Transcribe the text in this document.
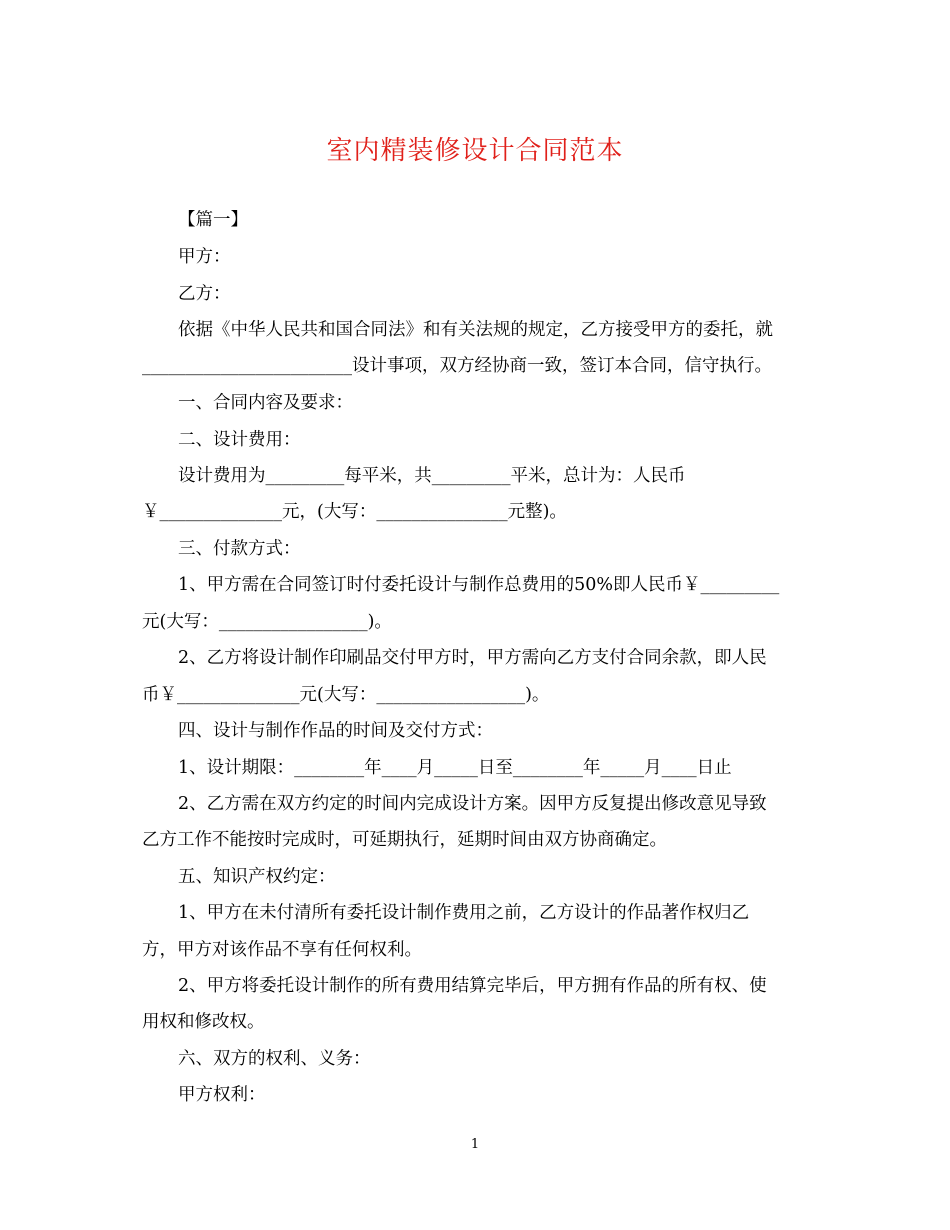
室内精装修设计合同范本
【篇一】
甲方：
乙方：
依据《中华人民共和国合同法》和有关法规的规定，乙方接受甲方的委托，就
________________________设计事项，双方经协商一致，签订本合同，信守执行。
一、合同内容及要求：
二、设计费用：
设计费用为_________每平米，共_________平米，总计为：人民币
￥______________元，(大写：_______________元整)。
三、付款方式：
1、甲方需在合同签订时付委托设计与制作总费用的50%即人民币￥_________
元(大写：_________________)。
2、乙方将设计制作印刷品交付甲方时，甲方需向乙方支付合同余款，即人民
币￥______________元(大写：_________________)。
四、设计与制作作品的时间及交付方式：
1、设计期限：________年____月_____日至________年_____月____日止
2、乙方需在双方约定的时间内完成设计方案。因甲方反复提出修改意见导致
乙方工作不能按时完成时，可延期执行，延期时间由双方协商确定。
五、知识产权约定：
1、甲方在未付清所有委托设计制作费用之前，乙方设计的作品著作权归乙
方，甲方对该作品不享有任何权利。
2、甲方将委托设计制作的所有费用结算完毕后，甲方拥有作品的所有权、使
用权和修改权。
六、双方的权利、义务：
甲方权利：
1
